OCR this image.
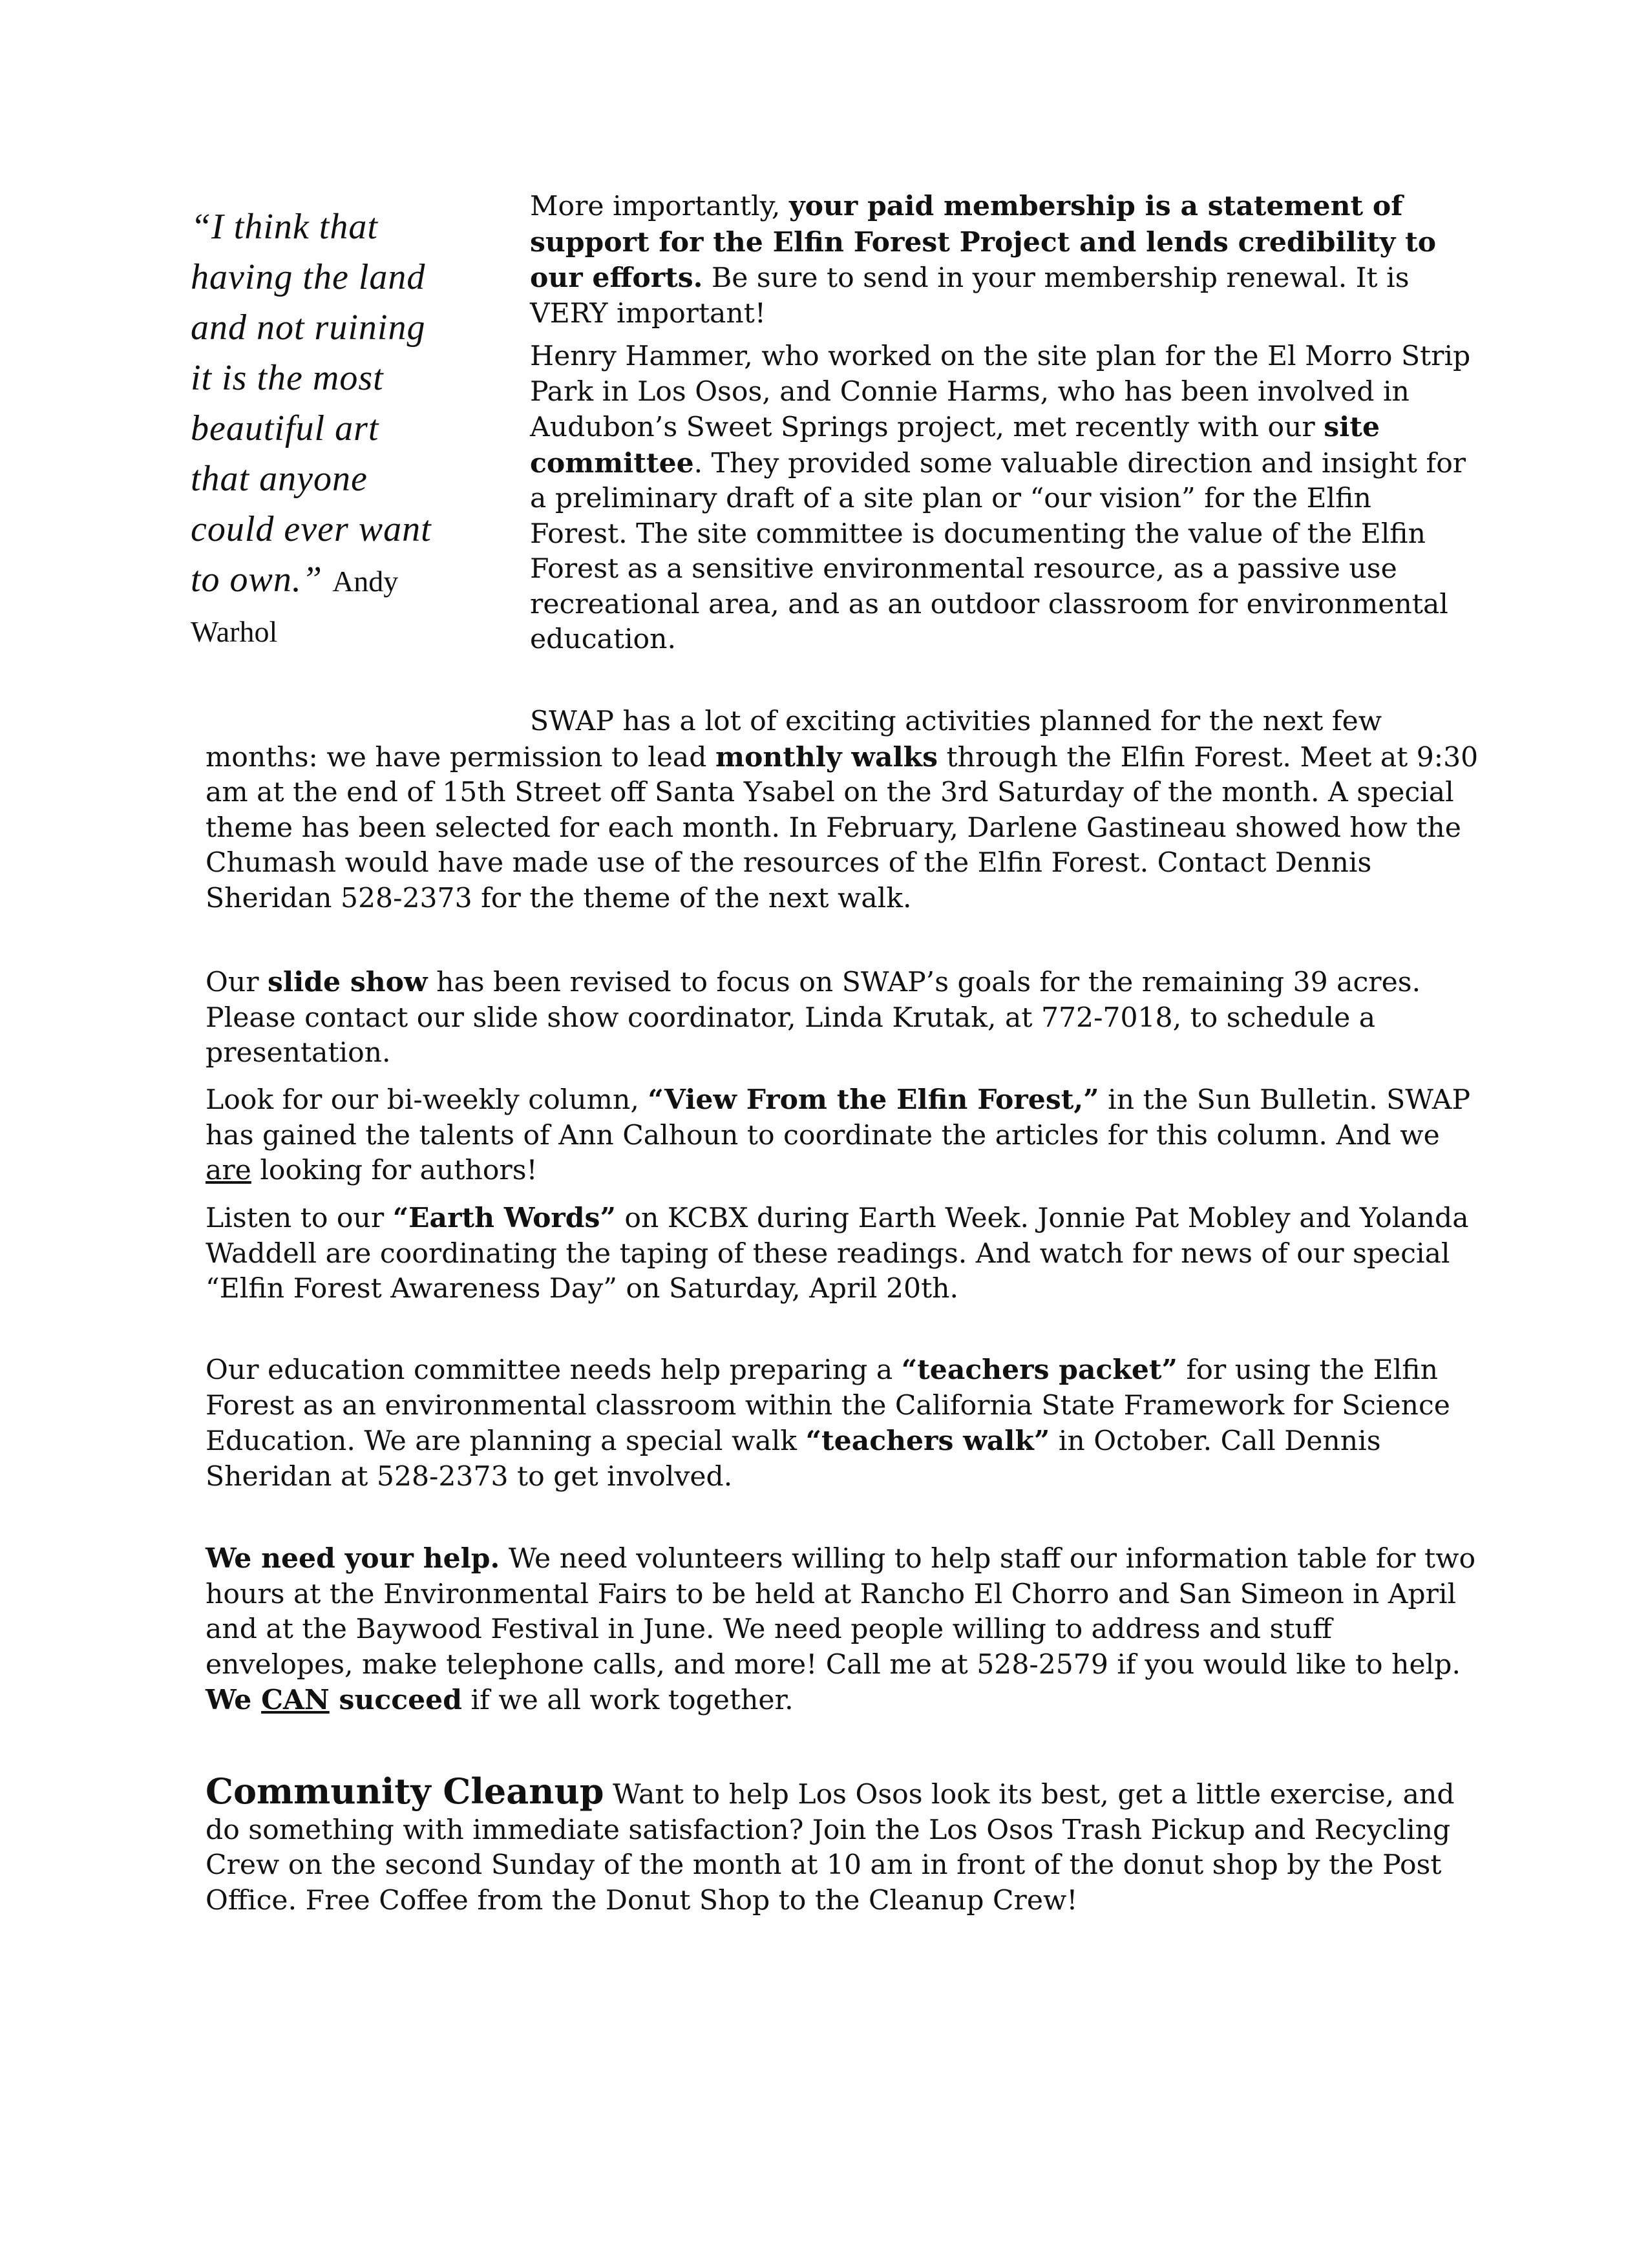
“I think that
having the land
and not ruining
it is the most
beautiful art
that anyone
could ever want
to own.” Andy
Warhol

More importantly, your paid membership is a statement of support for the Elfin Forest Project and lends credibility to our efforts. Be sure to send in your membership renewal. It is VERY important!

Henry Hammer, who worked on the site plan for the El Morro Strip Park in Los Osos, and Connie Harms, who has been involved in Audubon’s Sweet Springs project, met recently with our site committee. They provided some valuable direction and insight for a preliminary draft of a site plan or “our vision” for the Elfin Forest. The site committee is documenting the value of the Elfin Forest as a sensitive environmental resource, as a passive use recreational area, and as an outdoor classroom for environmental education.

SWAP has a lot of exciting activities planned for the next few months: we have permission to lead monthly walks through the Elfin Forest. Meet at 9:30 am at the end of 15th Street off Santa Ysabel on the 3rd Saturday of the month. A special theme has been selected for each month. In February, Darlene Gastineau showed how the Chumash would have made use of the resources of the Elfin Forest. Contact Dennis Sheridan 528-2373 for the theme of the next walk.

Our slide show has been revised to focus on SWAP’s goals for the remaining 39 acres. Please contact our slide show coordinator, Linda Krutak, at 772-7018, to schedule a presentation.

Look for our bi-weekly column, “View From the Elfin Forest,” in the Sun Bulletin. SWAP has gained the talents of Ann Calhoun to coordinate the articles for this column. And we are looking for authors!

Listen to our “Earth Words” on KCBX during Earth Week. Jonnie Pat Mobley and Yolanda Waddell are coordinating the taping of these readings. And watch for news of our special “Elfin Forest Awareness Day” on Saturday, April 20th.

Our education committee needs help preparing a “teachers packet” for using the Elfin Forest as an environmental classroom within the California State Framework for Science Education. We are planning a special walk “teachers walk” in October. Call Dennis Sheridan at 528-2373 to get involved.

We need your help. We need volunteers willing to help staff our information table for two hours at the Environmental Fairs to be held at Rancho El Chorro and San Simeon in April and at the Baywood Festival in June. We need people willing to address and stuff envelopes, make telephone calls, and more! Call me at 528-2579 if you would like to help. We CAN succeed if we all work together.

Community Cleanup Want to help Los Osos look its best, get a little exercise, and do something with immediate satisfaction? Join the Los Osos Trash Pickup and Recycling Crew on the second Sunday of the month at 10 am in front of the donut shop by the Post Office. Free Coffee from the Donut Shop to the Cleanup Crew!
